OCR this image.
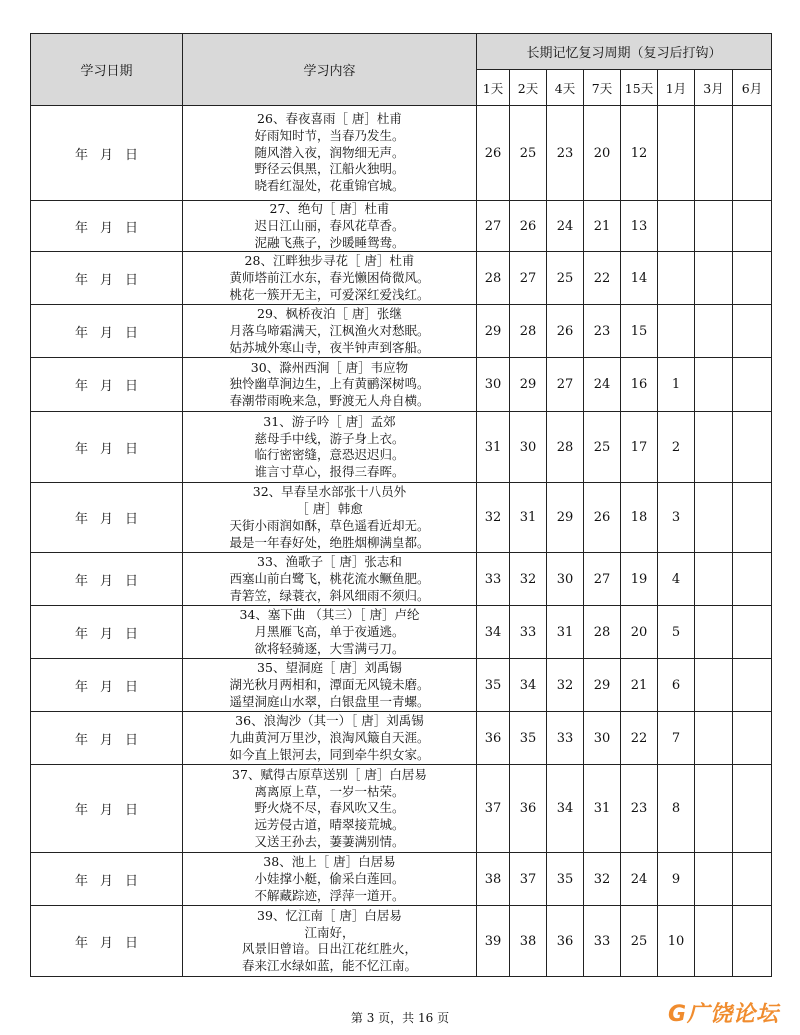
学习日期	学习内容	长期记忆复习周期（复习后打钩）							
		1天	2天	4天	7天	15天	1月	3月	6月
年 月 日	26、春夜喜雨［ 唐］杜甫
好雨知时节，当春乃发生。
随风潜入夜，润物细无声。
野径云俱黑，江船火独明。
晓看红湿处，花重锦官城。	26	25	23	20	12			
年 月 日	27、绝句［ 唐］杜甫
迟日江山丽，春风花草香。
泥融飞燕子，沙暖睡鸳鸯。	27	26	24	21	13			
年 月 日	28、江畔独步寻花［ 唐］杜甫
黄师塔前江水东，春光懒困倚微风。
桃花一簇开无主，可爱深红爱浅红。	28	27	25	22	14			
年 月 日	29、枫桥夜泊［ 唐］张继
月落乌啼霜满天，江枫渔火对愁眠。
姑苏城外寒山寺，夜半钟声到客船。	29	28	26	23	15			
年 月 日	30、滁州西涧［ 唐］韦应物
独怜幽草涧边生，上有黄鹂深树鸣。
春潮带雨晚来急，野渡无人舟自横。	30	29	27	24	16	1		
年 月 日	31、游子吟［ 唐］孟郊
慈母手中线，游子身上衣。
临行密密缝，意恐迟迟归。
谁言寸草心，报得三春晖。	31	30	28	25	17	2		
年 月 日	32、早春呈水部张十八员外
［ 唐］韩愈
天街小雨润如酥，草色遥看近却无。
最是一年春好处，绝胜烟柳满皇都。	32	31	29	26	18	3		
年 月 日	33、渔歌子［ 唐］张志和
西塞山前白鹭飞，桃花流水鳜鱼肥。
青箬笠，绿蓑衣，斜风细雨不须归。	33	32	30	27	19	4		
年 月 日	34、塞下曲 （其三）［ 唐］卢纶
月黑雁飞高，单于夜遁逃。
欲将轻骑逐，大雪满弓刀。	34	33	31	28	20	5		
年 月 日	35、望洞庭［ 唐］刘禹锡
湖光秋月两相和，潭面无风镜未磨。
遥望洞庭山水翠，白银盘里一青螺。	35	34	32	29	21	6		
年 月 日	36、浪淘沙（其一）［ 唐］刘禹锡
九曲黄河万里沙，浪淘风簸自天涯。
如今直上银河去，同到牵牛织女家。	36	35	33	30	22	7		
年 月 日	37、赋得古原草送别［ 唐］白居易
离离原上草，一岁一枯荣。
野火烧不尽，春风吹又生。
远芳侵古道，晴翠接荒城。
又送王孙去，萋萋满别情。	37	36	34	31	23	8		
年 月 日	38、池上［ 唐］白居易
小娃撑小艇，偷采白莲回。
不解藏踪迹，浮萍一道开。	38	37	35	32	24	9		
年 月 日	39、忆江南［ 唐］白居易
江南好，
风景旧曾谙。日出江花红胜火，
春来江水绿如蓝，能不忆江南。	39	38	36	33	25	10		
第 3 页，共 16 页	G广饶论坛
